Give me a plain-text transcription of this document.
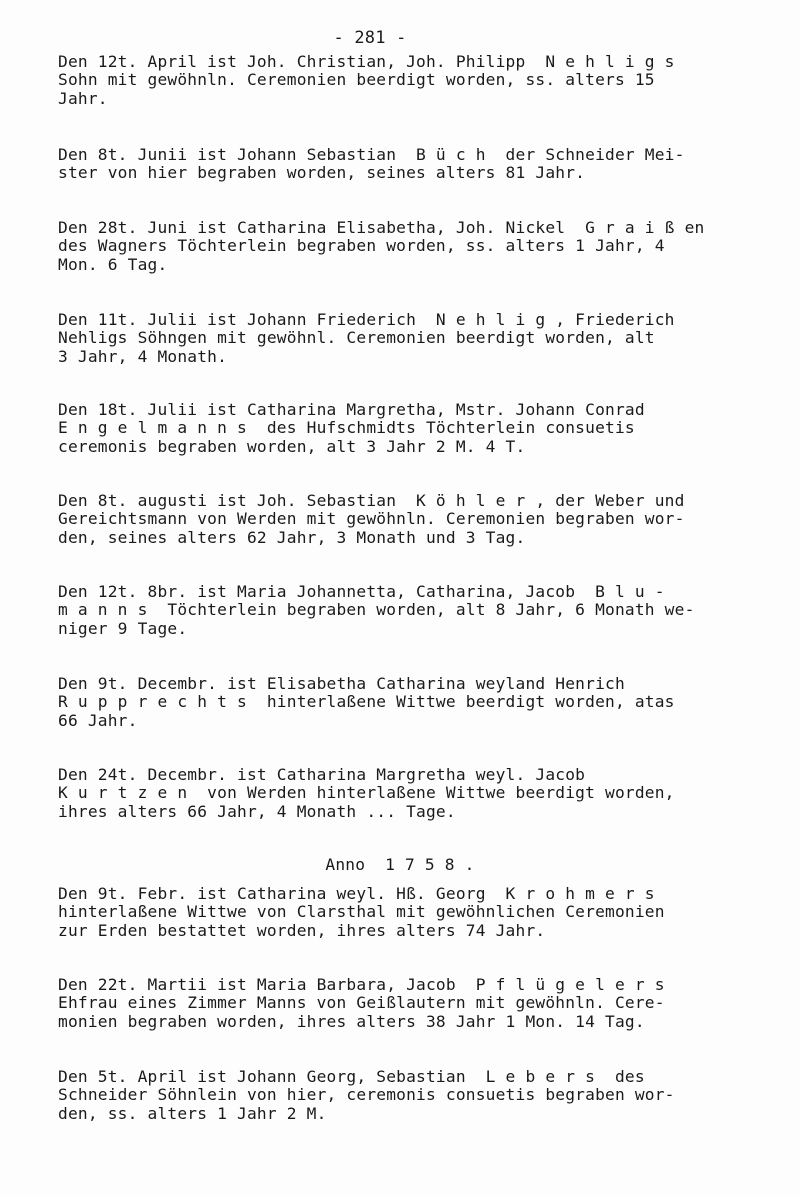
- 281 -
Den 12t. April ist Joh. Christian, Joh. Philipp  N e h l i g s
Sohn mit gewöhnln. Ceremonien beerdigt worden, ss. alters 15
Jahr.
Den 8t. Junii ist Johann Sebastian  B ü c h  der Schneider Mei-
ster von hier begraben worden, seines alters 81 Jahr.
Den 28t. Juni ist Catharina Elisabetha, Joh. Nickel  G r a i ß en
des Wagners Töchterlein begraben worden, ss. alters 1 Jahr, 4
Mon. 6 Tag.
Den 11t. Julii ist Johann Friederich  N e h l i g , Friederich
Nehligs Söhngen mit gewöhnl. Ceremonien beerdigt worden, alt
3 Jahr, 4 Monath.
Den 18t. Julii ist Catharina Margretha, Mstr. Johann Conrad
E n g e l m a n n s  des Hufschmidts Töchterlein consuetis
ceremonis begraben worden, alt 3 Jahr 2 M. 4 T.
Den 8t. augusti ist Joh. Sebastian  K ö h l e r , der Weber und
Gereichtsmann von Werden mit gewöhnln. Ceremonien begraben wor-
den, seines alters 62 Jahr, 3 Monath und 3 Tag.
Den 12t. 8br. ist Maria Johannetta, Catharina, Jacob  B l u -
m a n n s  Töchterlein begraben worden, alt 8 Jahr, 6 Monath we-
niger 9 Tage.
Den 9t. Decembr. ist Elisabetha Catharina weyland Henrich
R u p p r e c h t s  hinterlaßene Wittwe beerdigt worden, atas
66 Jahr.
Den 24t. Decembr. ist Catharina Margretha weyl. Jacob
K u r t z e n  von Werden hinterlaßene Wittwe beerdigt worden,
ihres alters 66 Jahr, 4 Monath ... Tage.
Anno  1 7 5 8 .
Den 9t. Febr. ist Catharina weyl. Hß. Georg  K r o h m e r s
hinterlaßene Wittwe von Clarsthal mit gewöhnlichen Ceremonien
zur Erden bestattet worden, ihres alters 74 Jahr.
Den 22t. Martii ist Maria Barbara, Jacob  P f l ü g e l e r s
Ehfrau eines Zimmer Manns von Geißlautern mit gewöhnln. Cere-
monien begraben worden, ihres alters 38 Jahr 1 Mon. 14 Tag.
Den 5t. April ist Johann Georg, Sebastian  L e b e r s  des
Schneider Söhnlein von hier, ceremonis consuetis begraben wor-
den, ss. alters 1 Jahr 2 M.
